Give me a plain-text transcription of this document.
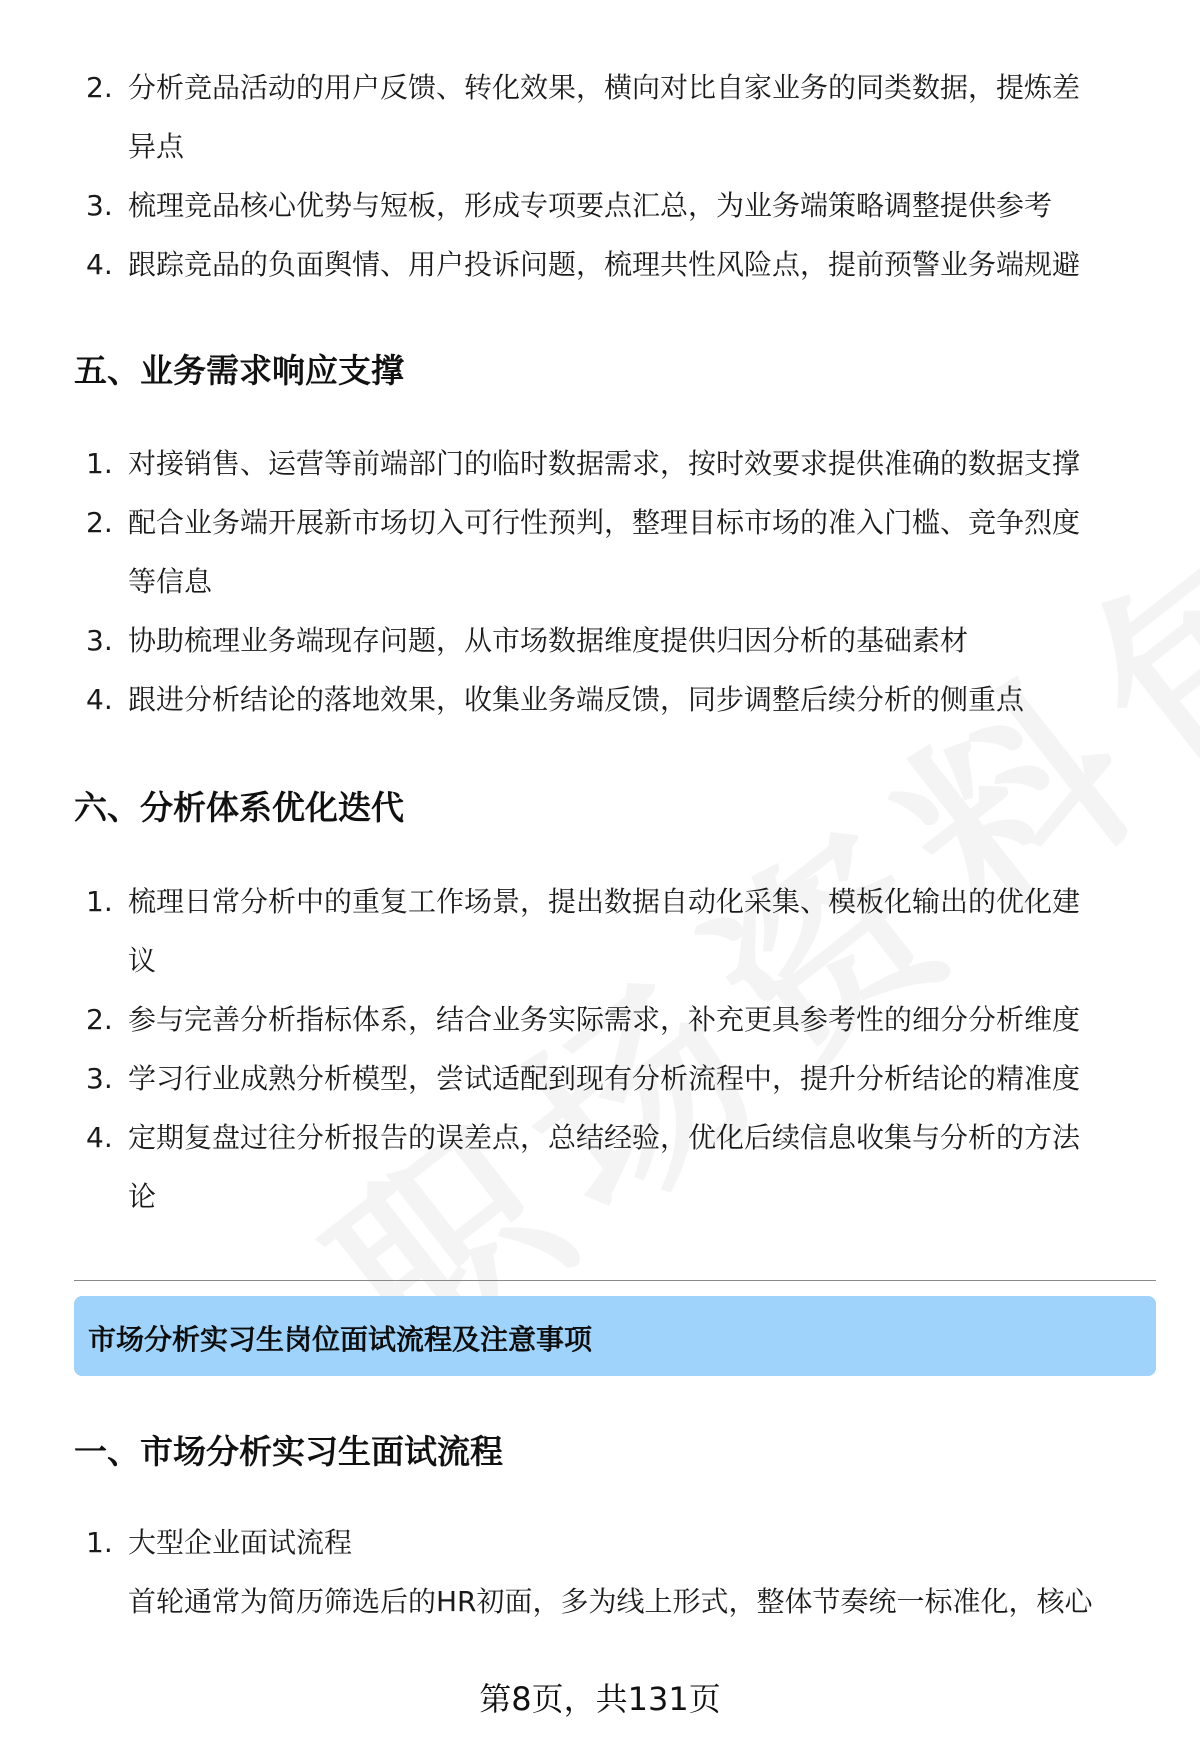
2. 分析竞品活动的用户反馈、转化效果，横向对比自家业务的同类数据，提炼差
异点
3. 梳理竞品核心优势与短板，形成专项要点汇总，为业务端策略调整提供参考
4. 跟踪竞品的负面舆情、用户投诉问题，梳理共性风险点，提前预警业务端规避
五、业务需求响应支撑
1. 对接销售、运营等前端部门的临时数据需求，按时效要求提供准确的数据支撑
2. 配合业务端开展新市场切入可行性预判，整理目标市场的准入门槛、竞争烈度
等信息
3. 协助梳理业务端现存问题，从市场数据维度提供归因分析的基础素材
4. 跟进分析结论的落地效果，收集业务端反馈，同步调整后续分析的侧重点
六、分析体系优化迭代
1. 梳理日常分析中的重复工作场景，提出数据自动化采集、模板化输出的优化建
议
2. 参与完善分析指标体系，结合业务实际需求，补充更具参考性的细分分析维度
3. 学习行业成熟分析模型，尝试适配到现有分析流程中，提升分析结论的精准度
4. 定期复盘过往分析报告的误差点，总结经验，优化后续信息收集与分析的方法
论
市场分析实习生岗位面试流程及注意事项
一、市场分析实习生面试流程
1. 大型企业面试流程
首轮通常为简历筛选后的HR初面，多为线上形式，整体节奏统一标准化，核心
第8页，共131页
